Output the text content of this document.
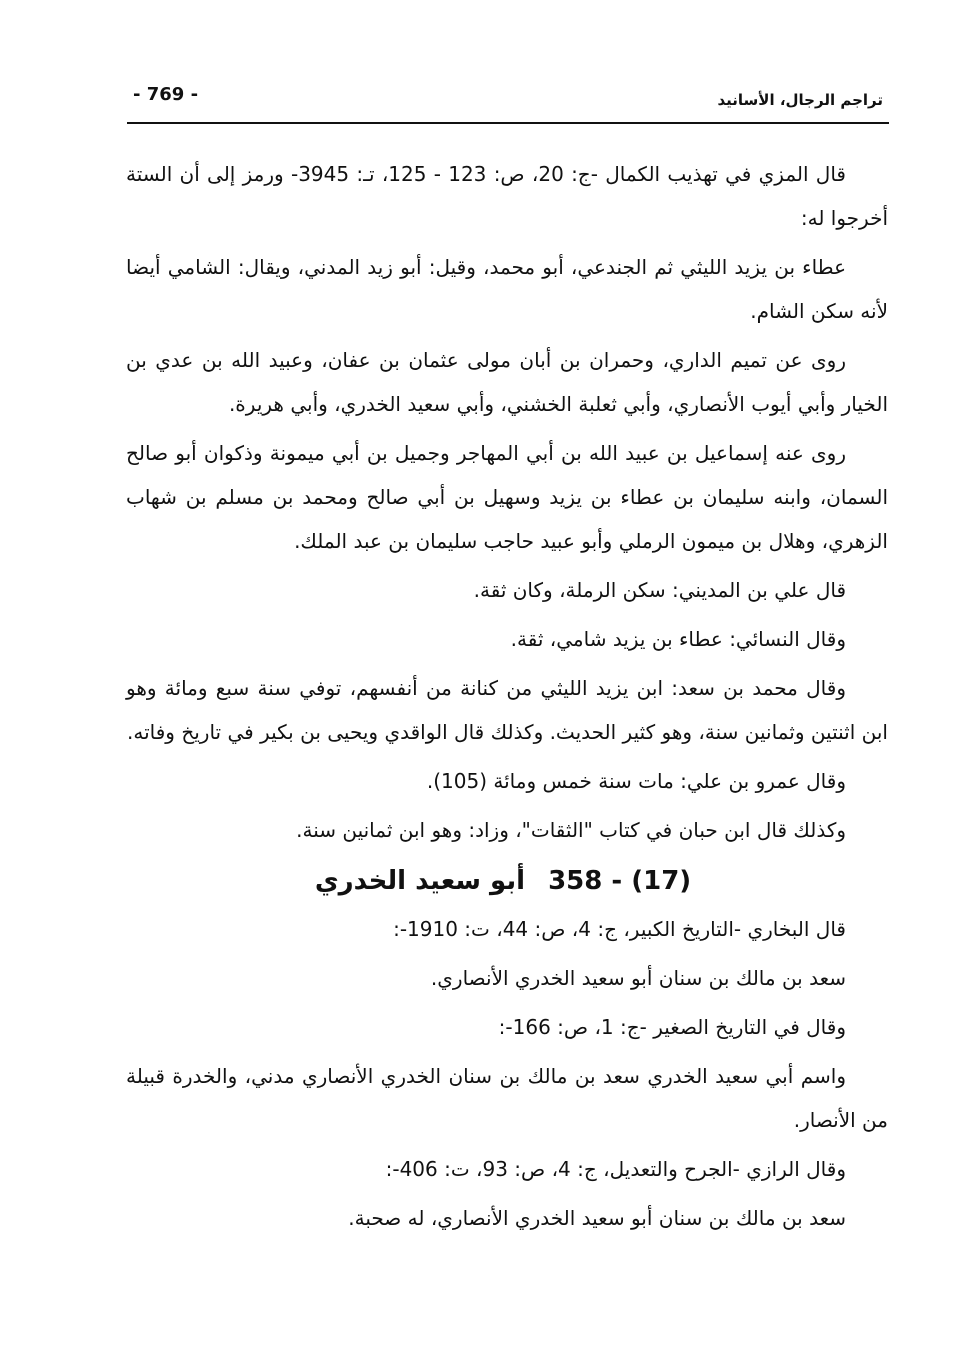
- 769 -	تراجم الرجال، الأسانيد

قال المزي في تهذيب الكمال -ج: 20، ص: 123 - 125، تـ: 3945- ورمز إلى أن الستة أخرجوا له:

عطاء بن يزيد الليثي ثم الجندعي، أبو محمد، وقيل: أبو زيد المدني، ويقال: الشامي أيضا لأنه سكن الشام.

روى عن تميم الداري، وحمران بن أبان مولى عثمان بن عفان، وعبيد الله بن عدي بن الخيار وأبي أيوب الأنصاري، وأبي ثعلبة الخشني، وأبي سعيد الخدري، وأبي هريرة.

روى عنه إسماعيل بن عبيد الله بن أبي المهاجر وجميل بن أبي ميمونة وذكوان أبو صالح السمان، وابنه سليمان بن عطاء بن يزيد وسهيل بن أبي صالح ومحمد بن مسلم بن شهاب الزهري، وهلال بن ميمون الرملي وأبو عبيد حاجب سليمان بن عبد الملك.

قال علي بن المديني: سكن الرملة، وكان ثقة.

وقال النسائي: عطاء بن يزيد شامي، ثقة.

وقال محمد بن سعد: ابن يزيد الليثي من كنانة من أنفسهم، توفي سنة سبع ومائة وهو ابن اثنتين وثمانين سنة، وهو كثير الحديث. وكذلك قال الواقدي ويحيى بن بكير في تاريخ وفاته.

وقال عمرو بن علي: مات سنة خمس ومائة (105).

وكذلك قال ابن حبان في كتاب "الثقات"، وزاد: وهو ابن ثمانين سنة.

358 - (17) أبو سعيد الخدري

قال البخاري -التاريخ الكبير، ج: 4، ص: 44، ت: 1910-:

سعد بن مالك بن سنان أبو سعيد الخدري الأنصاري.

وقال في التاريخ الصغير -ج: 1، ص: 166-:

واسم أبي سعيد الخدري سعد بن مالك بن سنان الخدري الأنصاري مدني، والخدرة قبيلة من الأنصار.

وقال الرازي -الجرح والتعديل، ج: 4، ص: 93، ت: 406-:

سعد بن مالك بن سنان أبو سعيد الخدري الأنصاري، له صحبة.
